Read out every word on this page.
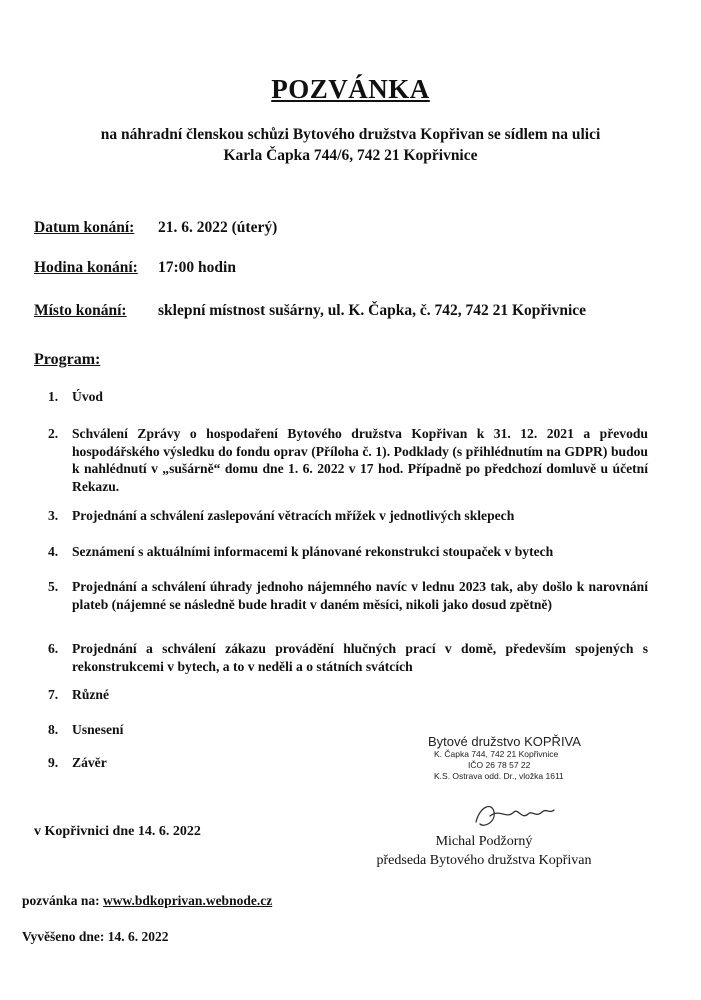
POZVÁNKA
na náhradní členskou schůzi Bytového družstva Kopřivan se sídlem na ulici
Karla Čapka 744/6, 742 21 Kopřivnice
Datum konání: 21. 6. 2022 (úterý)
Hodina konání: 17:00 hodin
Místo konání: sklepní místnost sušárny, ul. K. Čapka, č. 742, 742 21 Kopřivnice
Program:
1.	Úvod
2.	Schválení Zprávy o hospodaření Bytového družstva Kopřivan k 31. 12. 2021 a převodu hospodářského výsledku do fondu oprav (Příloha č. 1). Podklady (s přihlédnutím na GDPR) budou k nahlédnutí v „sušárně“ domu dne 1. 6. 2022 v 17 hod. Případně po předchozí domluvě u účetní Rekazu.
3.	Projednání a schválení zaslepování větracích mřížek v jednotlivých sklepech
4.	Seznámení s aktuálními informacemi k plánované rekonstrukci stoupaček v bytech
5.	Projednání a schválení úhrady jednoho nájemného navíc v lednu 2023 tak, aby došlo k narovnání plateb (nájemné se následně bude hradit v daném měsíci, nikoli jako dosud zpětně)
6.	Projednání a schválení zákazu provádění hlučných prací v domě, především spojených s rekonstrukcemi v bytech, a to v neděli a o státních svátcích
7.	Různé
8.	Usnesení
9.	Závěr
Bytové družstvo KOPŘIVA
K. Čapka 744, 742 21 Kopřivnice
IČO 26 78 57 22
K.S. Ostrava odd. Dr., vložka 1611
Michal Podžorný
předseda Bytového družstva Kopřivan
v Kopřivnici dne 14. 6. 2022
pozvánka na: www.bdkoprivan.webnode.cz
Vyvěšeno dne: 14. 6. 2022
